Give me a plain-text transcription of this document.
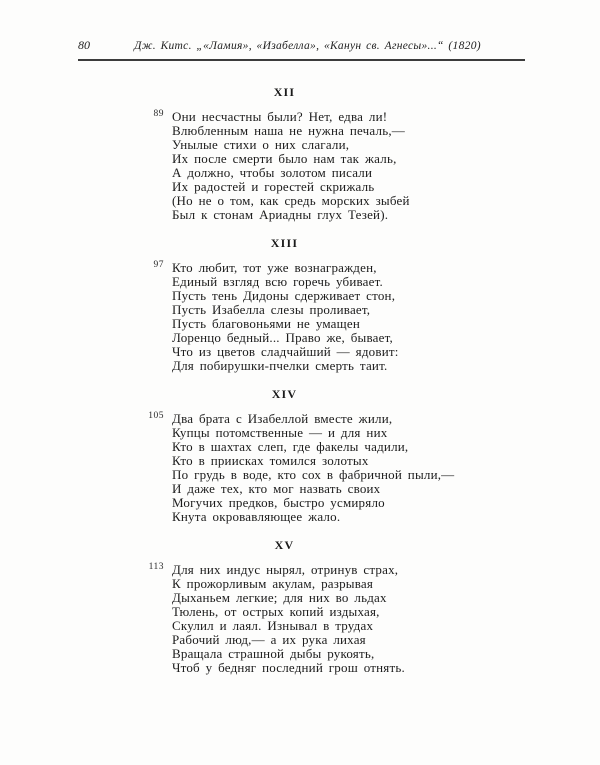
80	Дж. Китс. „«Ламия», «Изабелла», «Канун св. Агнесы»...“ (1820)
XII
Они несчастны были? Нет, едва ли!
89
Влюбленным наша не нужна печаль,—
Унылые стихи о них слагали,
Их после смерти было нам так жаль,
А должно, чтобы золотом писали
Их радостей и горестей скрижаль
(Но не о том, как средь морских зыбей
Был к стонам Ариадны глух Тезей).
XIII
Кто любит, тот уже вознагражден,
97
Единый взгляд всю горечь убивает.
Пусть тень Дидоны сдерживает стон,
Пусть Изабелла слезы проливает,
Пусть благовоньями не умащен
Лоренцо бедный... Право же, бывает,
Что из цветов сладчайший — ядовит:
Для побирушки-пчелки смерть таит.
XIV
Два брата с Изабеллой вместе жили,
105
Купцы потомственные — и для них
Кто в шахтах слеп, где факелы чадили,
Кто в приисках томился золотых
По грудь в воде, кто сох в фабричной пыли,—
И даже тех, кто мог назвать своих
Могучих предков, быстро усмиряло
Кнута окровавляющее жало.
XV
Для них индус нырял, отринув страх,
113
К прожорливым акулам, разрывая
Дыханьем легкие; для них во льдах
Тюлень, от острых копий издыхая,
Скулил и лаял. Изнывал в трудах
Рабочий люд,— а их рука лихая
Вращала страшной дыбы рукоять,
Чтоб у бедняг последний грош отнять.
